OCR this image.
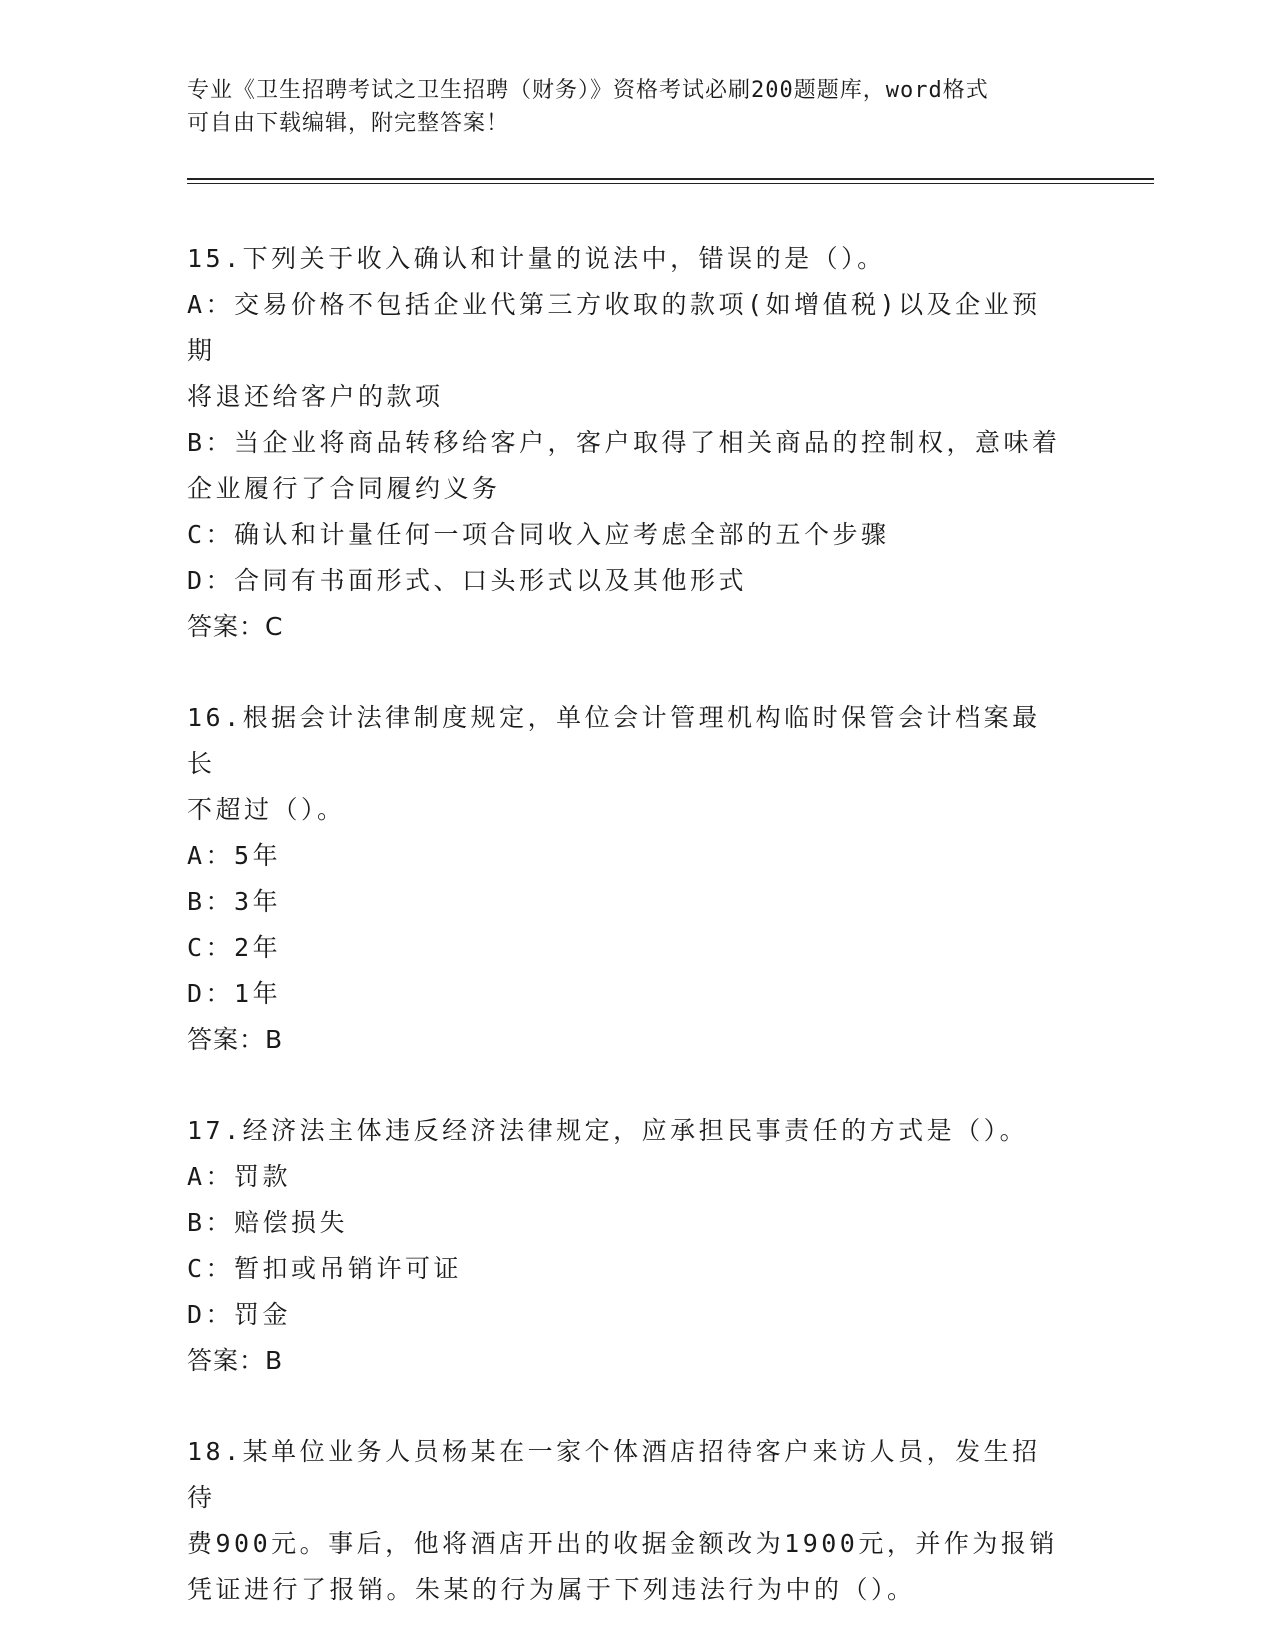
专业《卫生招聘考试之卫生招聘（财务）》资格考试必刷200题题库，word格式
可自由下载编辑，附完整答案！
15.下列关于收入确认和计量的说法中，错误的是（）。
A：交易价格不包括企业代第三方收取的款项(如增值税)以及企业预期
将退还给客户的款项
B：当企业将商品转移给客户，客户取得了相关商品的控制权，意味着
企业履行了合同履约义务
C：确认和计量任何一项合同收入应考虑全部的五个步骤
D：合同有书面形式、口头形式以及其他形式
答案：C
16.根据会计法律制度规定，单位会计管理机构临时保管会计档案最长
不超过（）。
A：5年
B：3年
C：2年
D：1年
答案：B
17.经济法主体违反经济法律规定，应承担民事责任的方式是（）。
A：罚款
B：赔偿损失
C：暂扣或吊销许可证
D：罚金
答案：B
18.某单位业务人员杨某在一家个体酒店招待客户来访人员，发生招待
费900元。事后，他将酒店开出的收据金额改为1900元，并作为报销
凭证进行了报销。朱某的行为属于下列违法行为中的（）。
